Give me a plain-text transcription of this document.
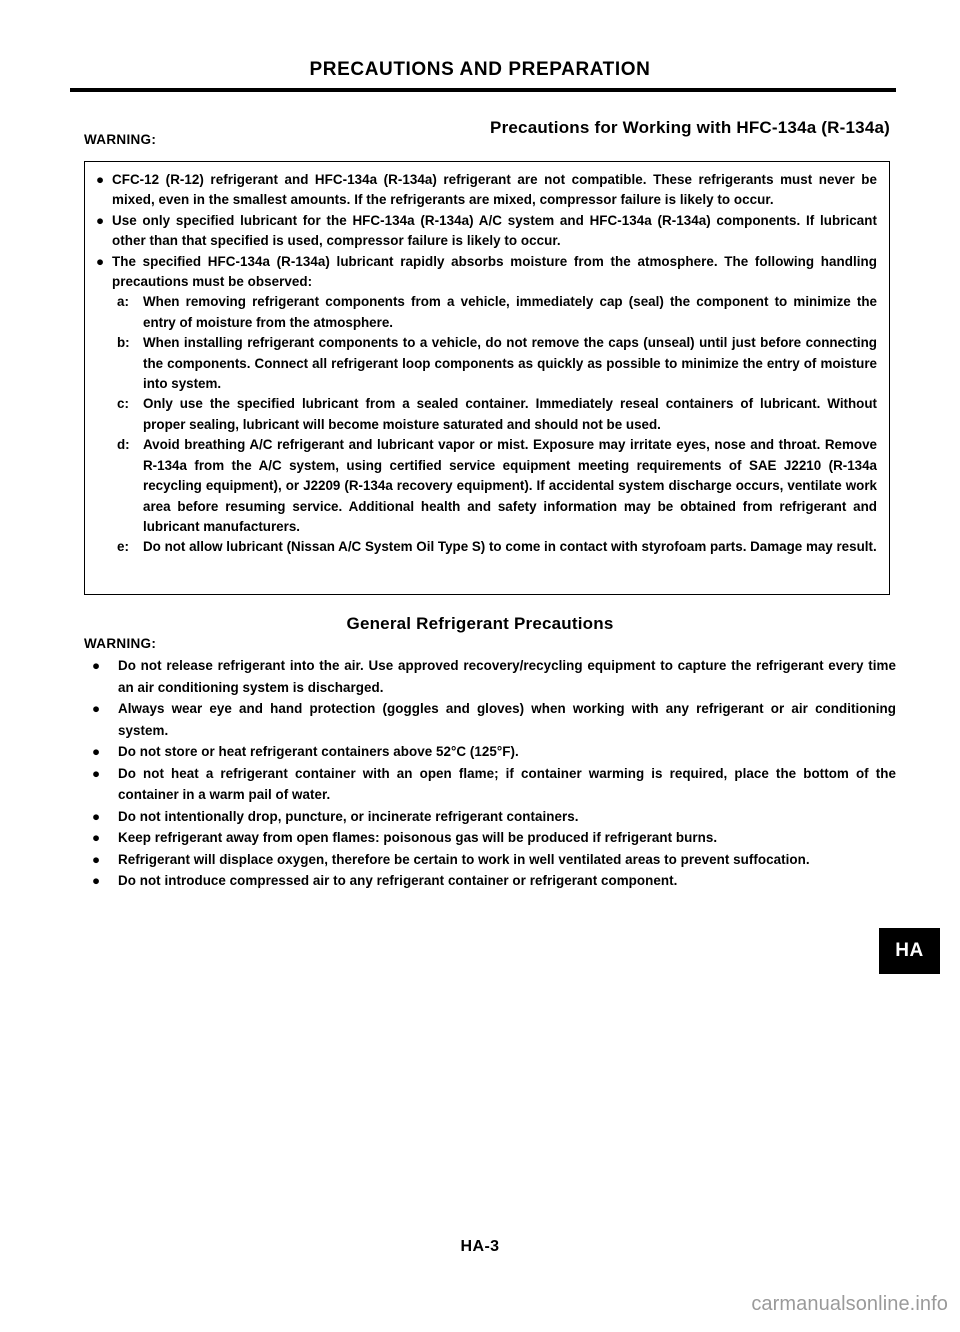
PRECAUTIONS AND PREPARATION
Precautions for Working with HFC-134a (R-134a)
WARNING:
● CFC-12 (R-12) refrigerant and HFC-134a (R-134a) refrigerant are not compatible. These refrigerants must never be mixed, even in the smallest amounts. If the refrigerants are mixed, compressor failure is likely to occur.
● Use only specified lubricant for the HFC-134a (R-134a) A/C system and HFC-134a (R-134a) components. If lubricant other than that specified is used, compressor failure is likely to occur.
● The specified HFC-134a (R-134a) lubricant rapidly absorbs moisture from the atmosphere. The following handling precautions must be observed:
a:	When removing refrigerant components from a vehicle, immediately cap (seal) the component to minimize the entry of moisture from the atmosphere.
b: When installing refrigerant components to a vehicle, do not remove the caps (unseal) until just before connecting the components. Connect all refrigerant loop components as quickly as possible to minimize the entry of moisture into system.
c:	Only use the specified lubricant from a sealed container. Immediately reseal containers of lubricant. Without proper sealing, lubricant will become moisture saturated and should not be used.
d: Avoid breathing A/C refrigerant and lubricant vapor or mist. Exposure may irritate eyes, nose and throat. Remove R-134a from the A/C system, using certified service equipment meeting requirements of SAE J2210 (R-134a recycling equipment), or J2209 (R-134a recovery equipment). If accidental system discharge occurs, ventilate work area before resuming service. Additional health and safety information may be obtained from refrigerant and lubricant manufacturers.
e:	Do not allow lubricant (Nissan A/C System Oil Type S) to come in contact with styrofoam parts. Damage may result.
General Refrigerant Precautions
WARNING:
● Do not release refrigerant into the air. Use approved recovery/recycling equipment to capture the refrigerant every time an air conditioning system is discharged.
● Always wear eye and hand protection (goggles and gloves) when working with any refrigerant or air conditioning system.
● Do not store or heat refrigerant containers above 52°C (125°F).
● Do not heat a refrigerant container with an open flame; if container warming is required, place the bottom of the container in a warm pail of water.
● Do not intentionally drop, puncture, or incinerate refrigerant containers.
● Keep refrigerant away from open flames: poisonous gas will be produced if refrigerant burns.
● Refrigerant will displace oxygen, therefore be certain to work in well ventilated areas to prevent suffocation.
● Do not introduce compressed air to any refrigerant container or refrigerant component.
HA
HA-3
carmanualsonline.info
